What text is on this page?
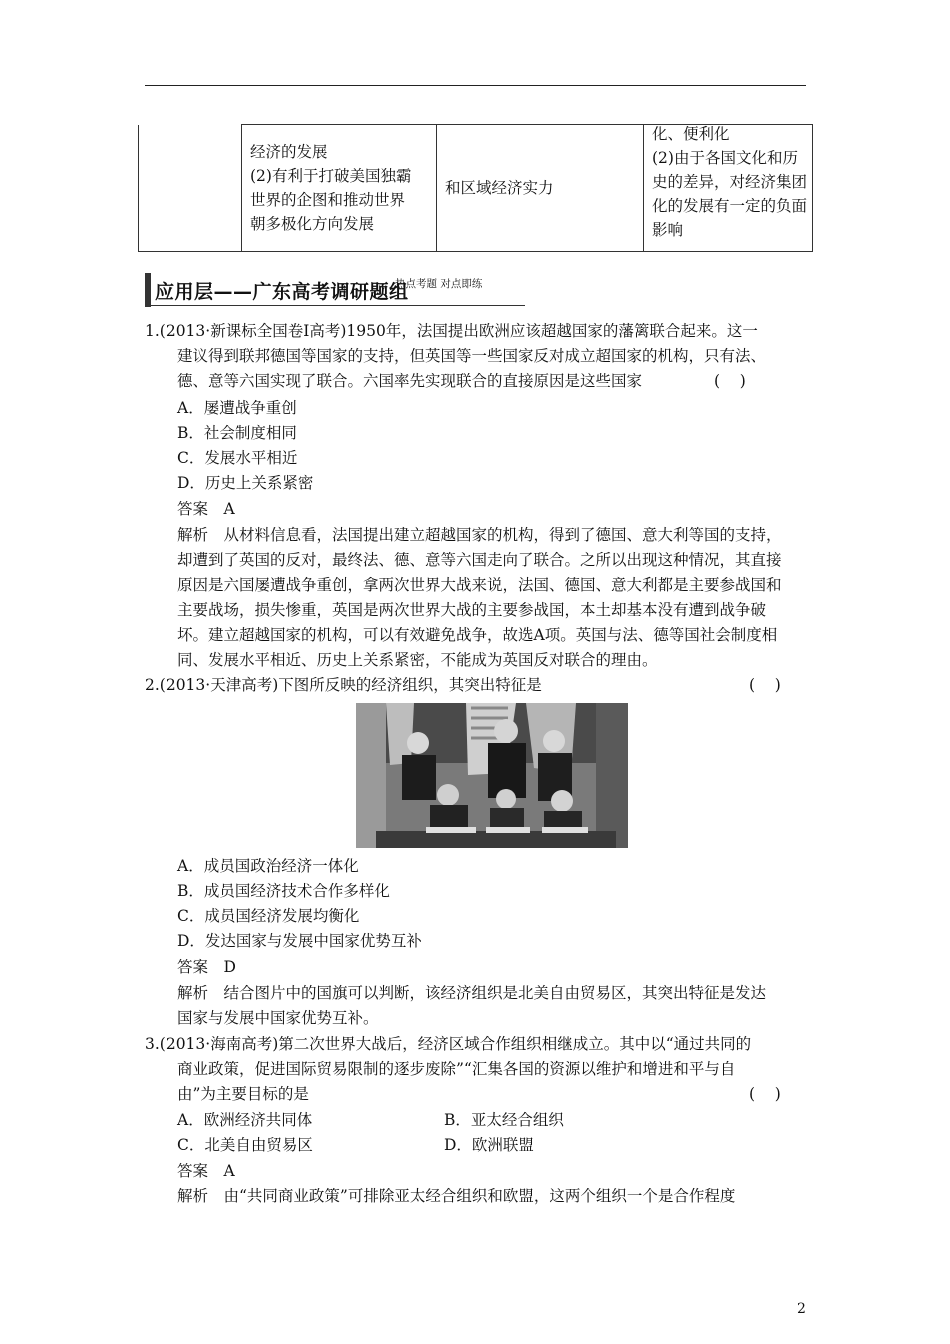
经济的发展
(2)有利于打破美国独霸
世界的企图和推动世界
朝多极化方向发展

和区域经济实力

化、便利化
(2)由于各国文化和历
史的差异，对经济集团
化的发展有一定的负面
影响
应用层——广东高考调研题组
热点考题 对点即练
1.(2013·新课标全国卷Ⅰ高考)1950年，法国提出欧洲应该超越国家的藩篱联合起来。这一
建议得到联邦德国等国家的支持，但英国等一些国家反对成立超国家的机构，只有法、
德、意等六国实现了联合。六国率先实现联合的直接原因是这些国家	(    )
A．屡遭战争重创
B．社会制度相同
C．发展水平相近
D．历史上关系紧密
答案　A
解析　从材料信息看，法国提出建立超越国家的机构，得到了德国、意大利等国的支持，
却遭到了英国的反对，最终法、德、意等六国走向了联合。之所以出现这种情况，其直接
原因是六国屡遭战争重创，拿两次世界大战来说，法国、德国、意大利都是主要参战国和
主要战场，损失惨重，英国是两次世界大战的主要参战国，本土却基本没有遭到战争破
坏。建立超越国家的机构，可以有效避免战争，故选A项。英国与法、德等国社会制度相
同、发展水平相近、历史上关系紧密，不能成为英国反对联合的理由。
2.(2013·天津高考)下图所反映的经济组织，其突出特征是	(    )
A．成员国政治经济一体化
B．成员国经济技术合作多样化
C．成员国经济发展均衡化
D．发达国家与发展中国家优势互补
答案　D
解析　结合图片中的国旗可以判断，该经济组织是北美自由贸易区，其突出特征是发达
国家与发展中国家优势互补。
3.(2013·海南高考)第二次世界大战后，经济区域合作组织相继成立。其中以“通过共同的
商业政策，促进国际贸易限制的逐步废除”“汇集各国的资源以维护和增进和平与自
由”为主要目标的是	(    )
A．欧洲经济共同体	B．亚太经合组织
C．北美自由贸易区	D．欧洲联盟
答案　A
解析　由“共同商业政策”可排除亚太经合组织和欧盟，这两个组织一个是合作程度
2
